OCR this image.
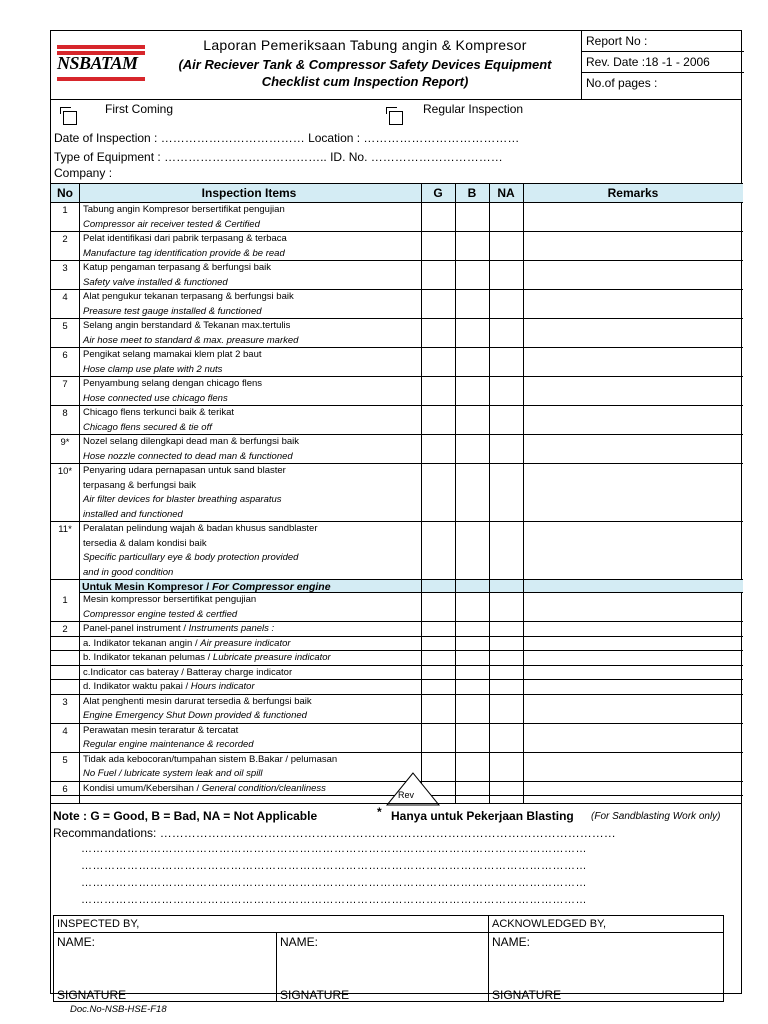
NSBATAM
Laporan Pemeriksaan Tabung angin & Kompresor
(Air Reciever Tank & Compressor Safety Devices Equipment
Checklist cum Inspection Report)
Report No :
Rev. Date :18 -1 - 2006
No.of pages :
First Coming	Regular Inspection
Date of Inspection : ……………………………… Location : …………………………………
Type of Equipment : ………………………………….. ID. No. ……………………………
Company :
No	Inspection Items	G	B	NA	Remarks
1	Tabung angin Kompresor bersertifikat pengujian
Compressor air receiver tested & Certified
2	Pelat identifikasi dari pabrik terpasang & terbaca
Manufacture tag identification provide & be read
3	Katup pengaman terpasang & berfungsi baik
Safety valve installed & functioned
4	Alat pengukur tekanan terpasang & berfungsi baik
Preasure test gauge installed & functioned
5	Selang angin berstandard & Tekanan max.tertulis
Air hose meet to standard & max. preasure marked
6	Pengikat selang mamakai klem plat 2 baut
Hose clamp use plate with 2 nuts
7	Penyambung selang dengan chicago flens
Hose connected use chicago flens
8	Chicago flens terkunci baik & terikat
Chicago flens secured & tie off
9*	Nozel selang dilengkapi dead man & berfungsi baik
Hose nozzle connected to dead man & functioned
10*	Penyaring udara pernapasan untuk sand blaster
terpasang & berfungsi baik
Air filter devices for blaster breathing asparatus
installed and functioned
11*	Peralatan pelindung wajah & badan khusus sandblaster
tersedia & dalam kondisi baik
Specific particullary eye & body protection provided
and in good condition
Untuk Mesin Kompresor / For Compressor engine
1	Mesin kompressor bersertifikat pengujian
Compressor engine tested & certfied
2	Panel-panel instrument / Instruments panels :
a. Indikator tekanan angin / Air preasure indicator
b. Indikator tekanan pelumas / Lubricate preasure indicator
c.Indicator cas bateray / Batteray charge indicator
d. Indikator waktu pakai / Hours indicator
3	Alat penghenti mesin darurat tersedia & berfungsi baik
Engine Emergency Shut Down provided & functioned
4	Perawatan mesin teraratur & tercatat
Regular engine maintenance & recorded
5	Tidak ada kebocoran/tumpahan sistem B.Bakar / pelumasan
No Fuel / lubricate system leak and oil spill
6	Kondisi umum/Kebersihan / General condition/cleanliness
Rev
Note : G = Good, B = Bad, NA = Not Applicable	* Hanya untuk Pekerjaan Blasting (For Sandblasting Work only)
Recommandations: ……………………………………………………………………………………………………
……………………………………………………………………………………………………………………
……………………………………………………………………………………………………………………
……………………………………………………………………………………………………………………
……………………………………………………………………………………………………………………
INSPECTED BY,	ACKNOWLEDGED BY,
NAME:
SIGNATURE
NAME:
SIGNATURE
NAME:
SIGNATURE
Doc.No-NSB-HSE-F18
